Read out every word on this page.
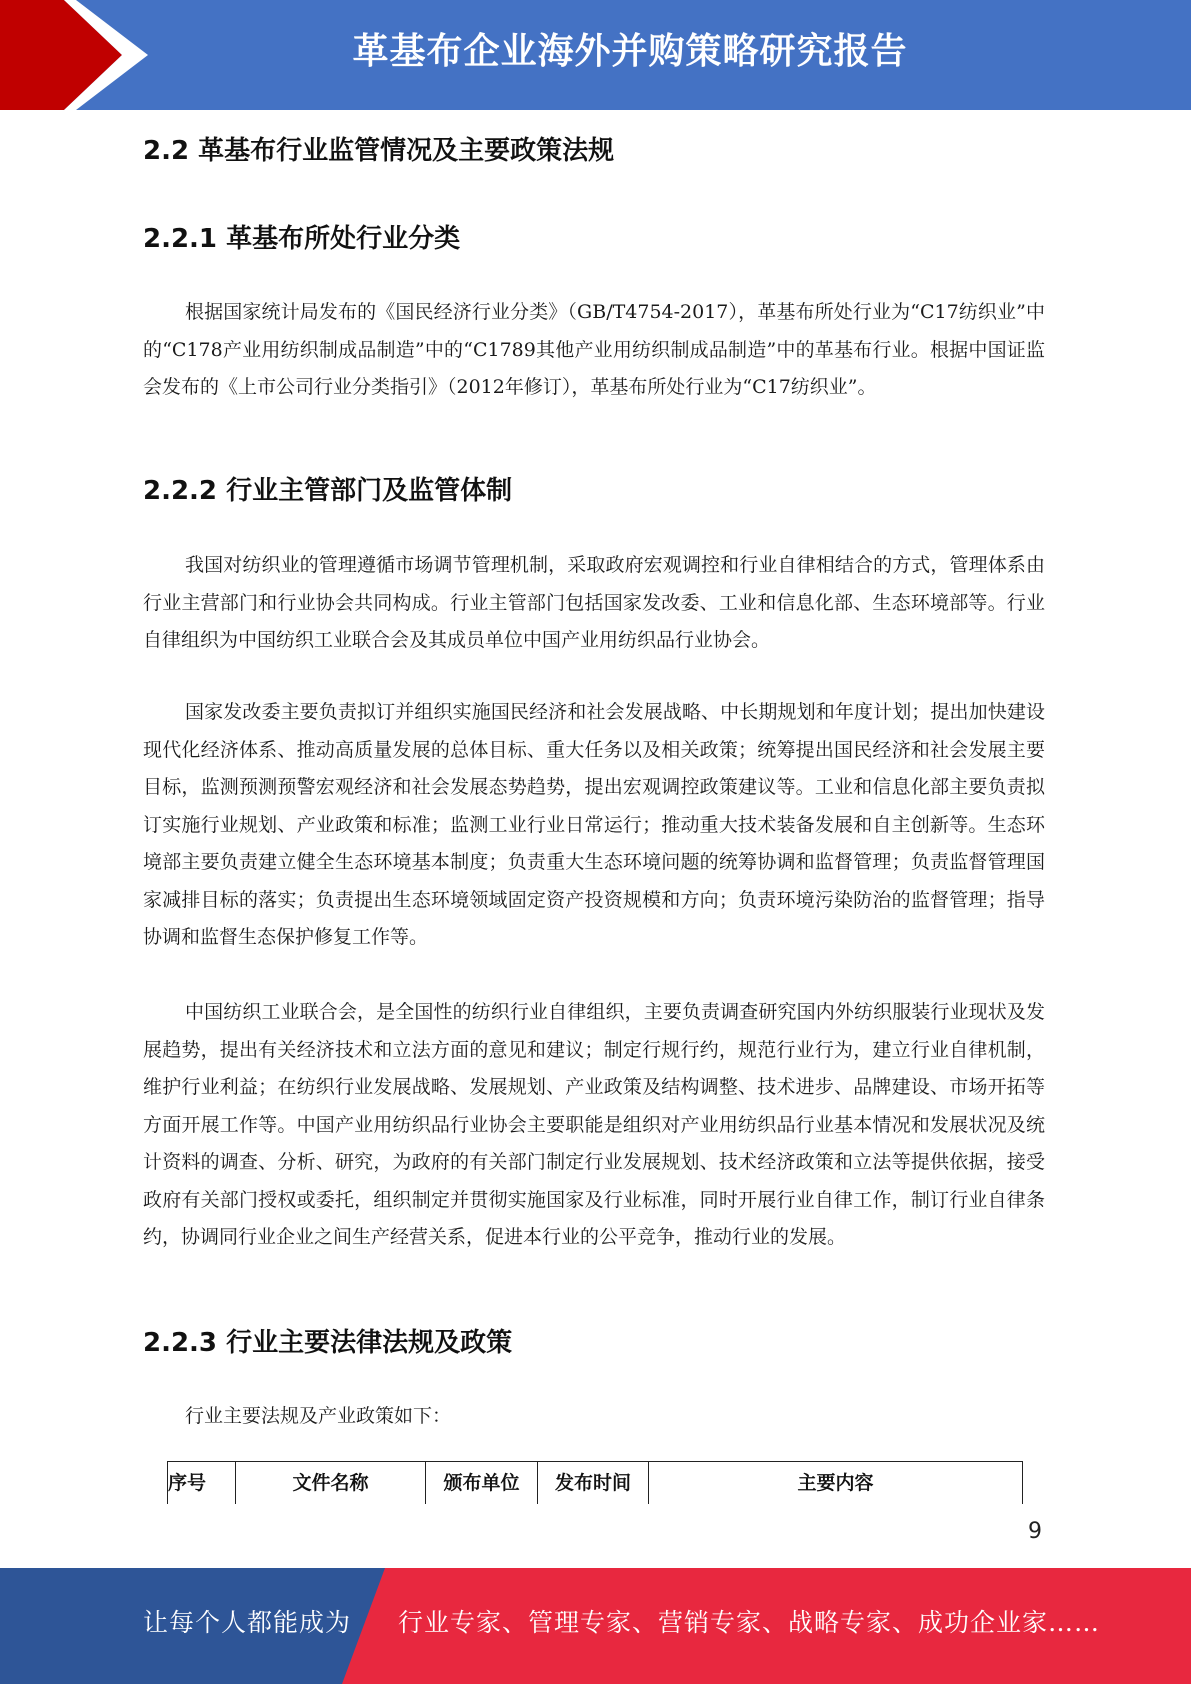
革基布企业海外并购策略研究报告
2.2 革基布行业监管情况及主要政策法规
2.2.1 革基布所处行业分类

根据国家统计局发布的《国民经济行业分类》（GB/T4754-2017），革基布所处行业为“C17纺织业”中的“C178产业用纺织制成品制造”中的“C1789其他产业用纺织制成品制造”中的革基布行业。根据中国证监会发布的《上市公司行业分类指引》（2012年修订），革基布所处行业为“C17纺织业”。

2.2.2 行业主管部门及监管体制

我国对纺织业的管理遵循市场调节管理机制，采取政府宏观调控和行业自律相结合的方式，管理体系由行业主营部门和行业协会共同构成。行业主管部门包括国家发改委、工业和信息化部、生态环境部等。行业自律组织为中国纺织工业联合会及其成员单位中国产业用纺织品行业协会。

国家发改委主要负责拟订并组织实施国民经济和社会发展战略、中长期规划和年度计划；提出加快建设现代化经济体系、推动高质量发展的总体目标、重大任务以及相关政策；统筹提出国民经济和社会发展主要目标，监测预测预警宏观经济和社会发展态势趋势，提出宏观调控政策建议等。工业和信息化部主要负责拟订实施行业规划、产业政策和标准；监测工业行业日常运行；推动重大技术装备发展和自主创新等。生态环境部主要负责建立健全生态环境基本制度；负责重大生态环境问题的统筹协调和监督管理；负责监督管理国家减排目标的落实；负责提出生态环境领域固定资产投资规模和方向；负责环境污染防治的监督管理；指导协调和监督生态保护修复工作等。

中国纺织工业联合会，是全国性的纺织行业自律组织，主要负责调查研究国内外纺织服装行业现状及发展趋势，提出有关经济技术和立法方面的意见和建议；制定行规行约，规范行业行为，建立行业自律机制，维护行业利益；在纺织行业发展战略、发展规划、产业政策及结构调整、技术进步、品牌建设、市场开拓等方面开展工作等。中国产业用纺织品行业协会主要职能是组织对产业用纺织品行业基本情况和发展状况及统计资料的调查、分析、研究，为政府的有关部门制定行业发展规划、技术经济政策和立法等提供依据，接受政府有关部门授权或委托，组织制定并贯彻实施国家及行业标准，同时开展行业自律工作，制订行业自律条约，协调同行业企业之间生产经营关系，促进本行业的公平竞争，推动行业的发展。

2.2.3 行业主要法律法规及政策

行业主要法规及产业政策如下：

序号	文件名称	颁布单位	发布时间	主要内容
9
让每个人都能成为 行业专家、管理专家、营销专家、战略专家、成功企业家……
